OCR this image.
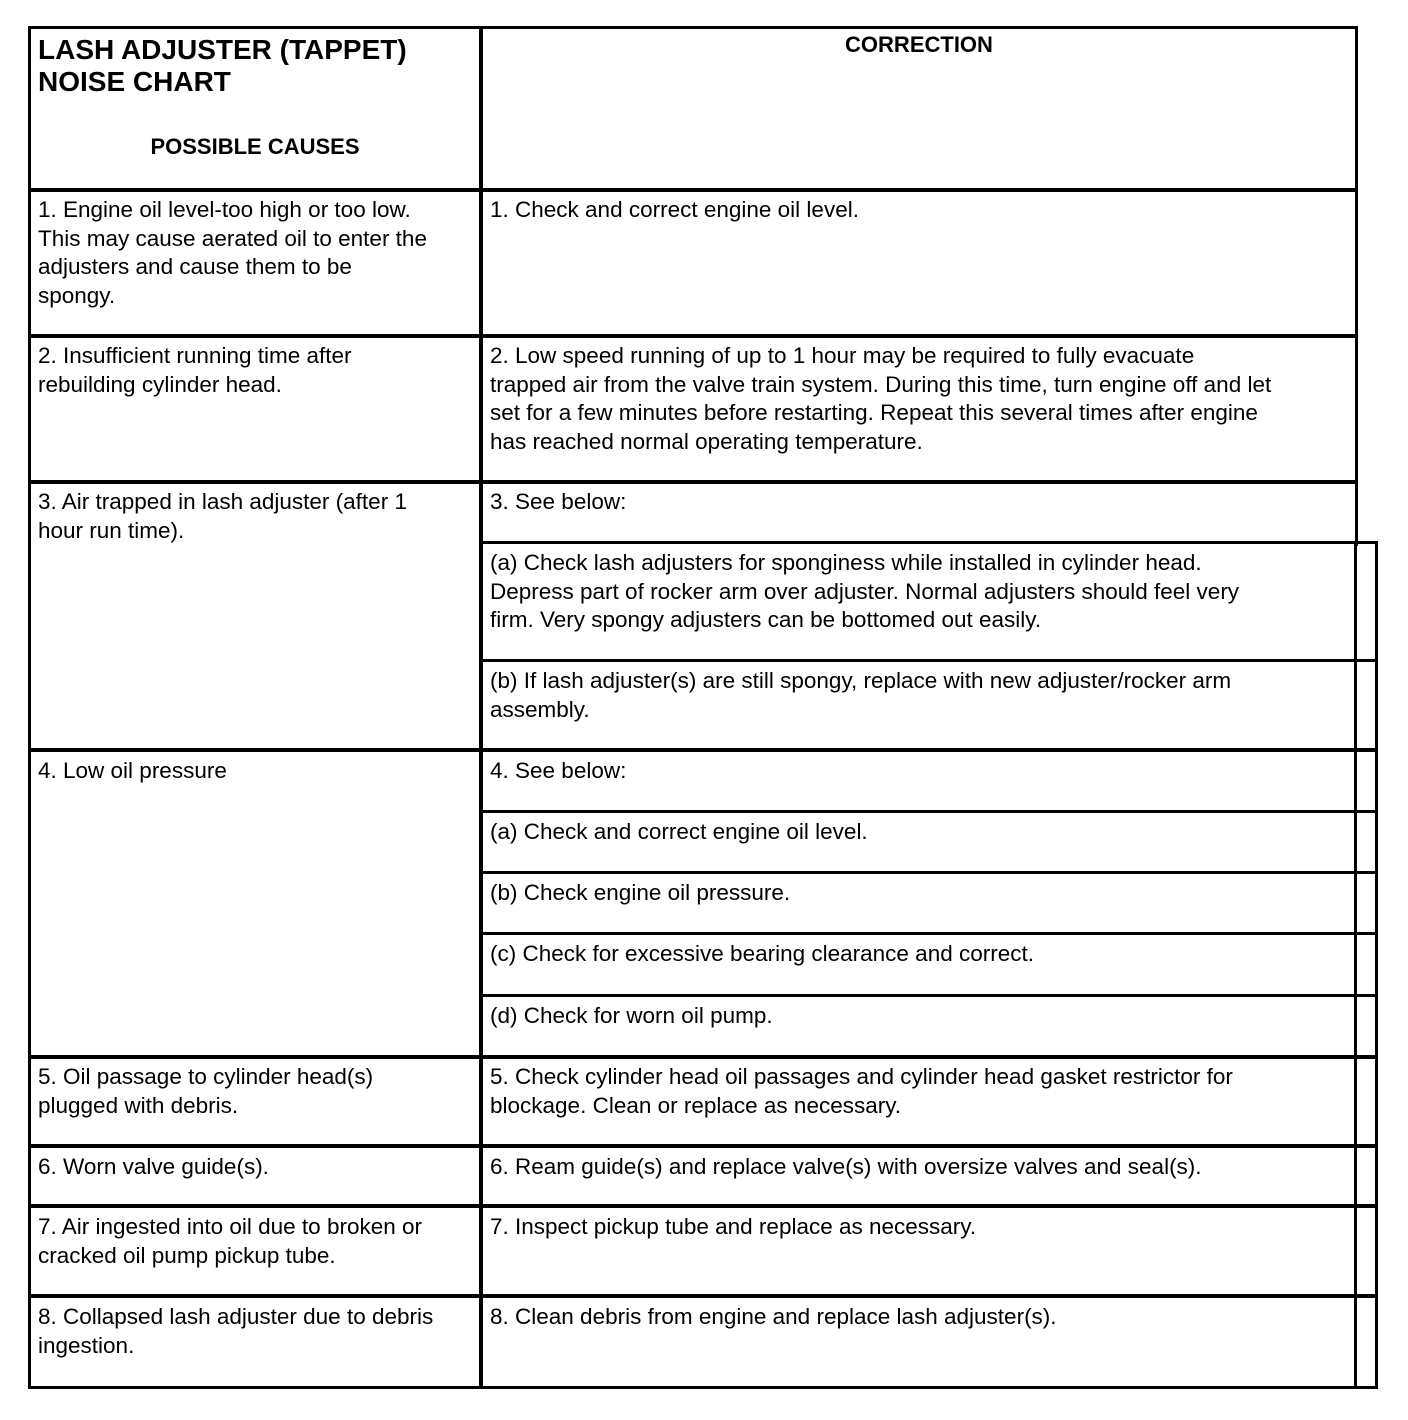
LASH ADJUSTER (TAPPET)
NOISE CHART
POSSIBLE CAUSES
CORRECTION
1. Engine oil level-too high or too low.
This may cause aerated oil to enter the
adjusters and cause them to be
spongy.
2. Insufficient running time after
rebuilding cylinder head.
3. Air trapped in lash adjuster (after 1
hour run time).
4. Low oil pressure
5. Oil passage to cylinder head(s)
plugged with debris.
6. Worn valve guide(s).
7. Air ingested into oil due to broken or
cracked oil pump pickup tube.
8. Collapsed lash adjuster due to debris
ingestion.
1. Check and correct engine oil level.
2. Low speed running of up to 1 hour may be required to fully evacuate
trapped air from the valve train system. During this time, turn engine off and let
set for a few minutes before restarting. Repeat this several times after engine
has reached normal operating temperature.
3. See below:
(a) Check lash adjusters for sponginess while installed in cylinder head.
Depress part of rocker arm over adjuster. Normal adjusters should feel very
firm. Very spongy adjusters can be bottomed out easily.
(b) If lash adjuster(s) are still spongy, replace with new adjuster/rocker arm
assembly.
4. See below:
(a) Check and correct engine oil level.
(b) Check engine oil pressure.
(c) Check for excessive bearing clearance and correct.
(d) Check for worn oil pump.
5. Check cylinder head oil passages and cylinder head gasket restrictor for
blockage. Clean or replace as necessary.
6. Ream guide(s) and replace valve(s) with oversize valves and seal(s).
7. Inspect pickup tube and replace as necessary.
8. Clean debris from engine and replace lash adjuster(s).
